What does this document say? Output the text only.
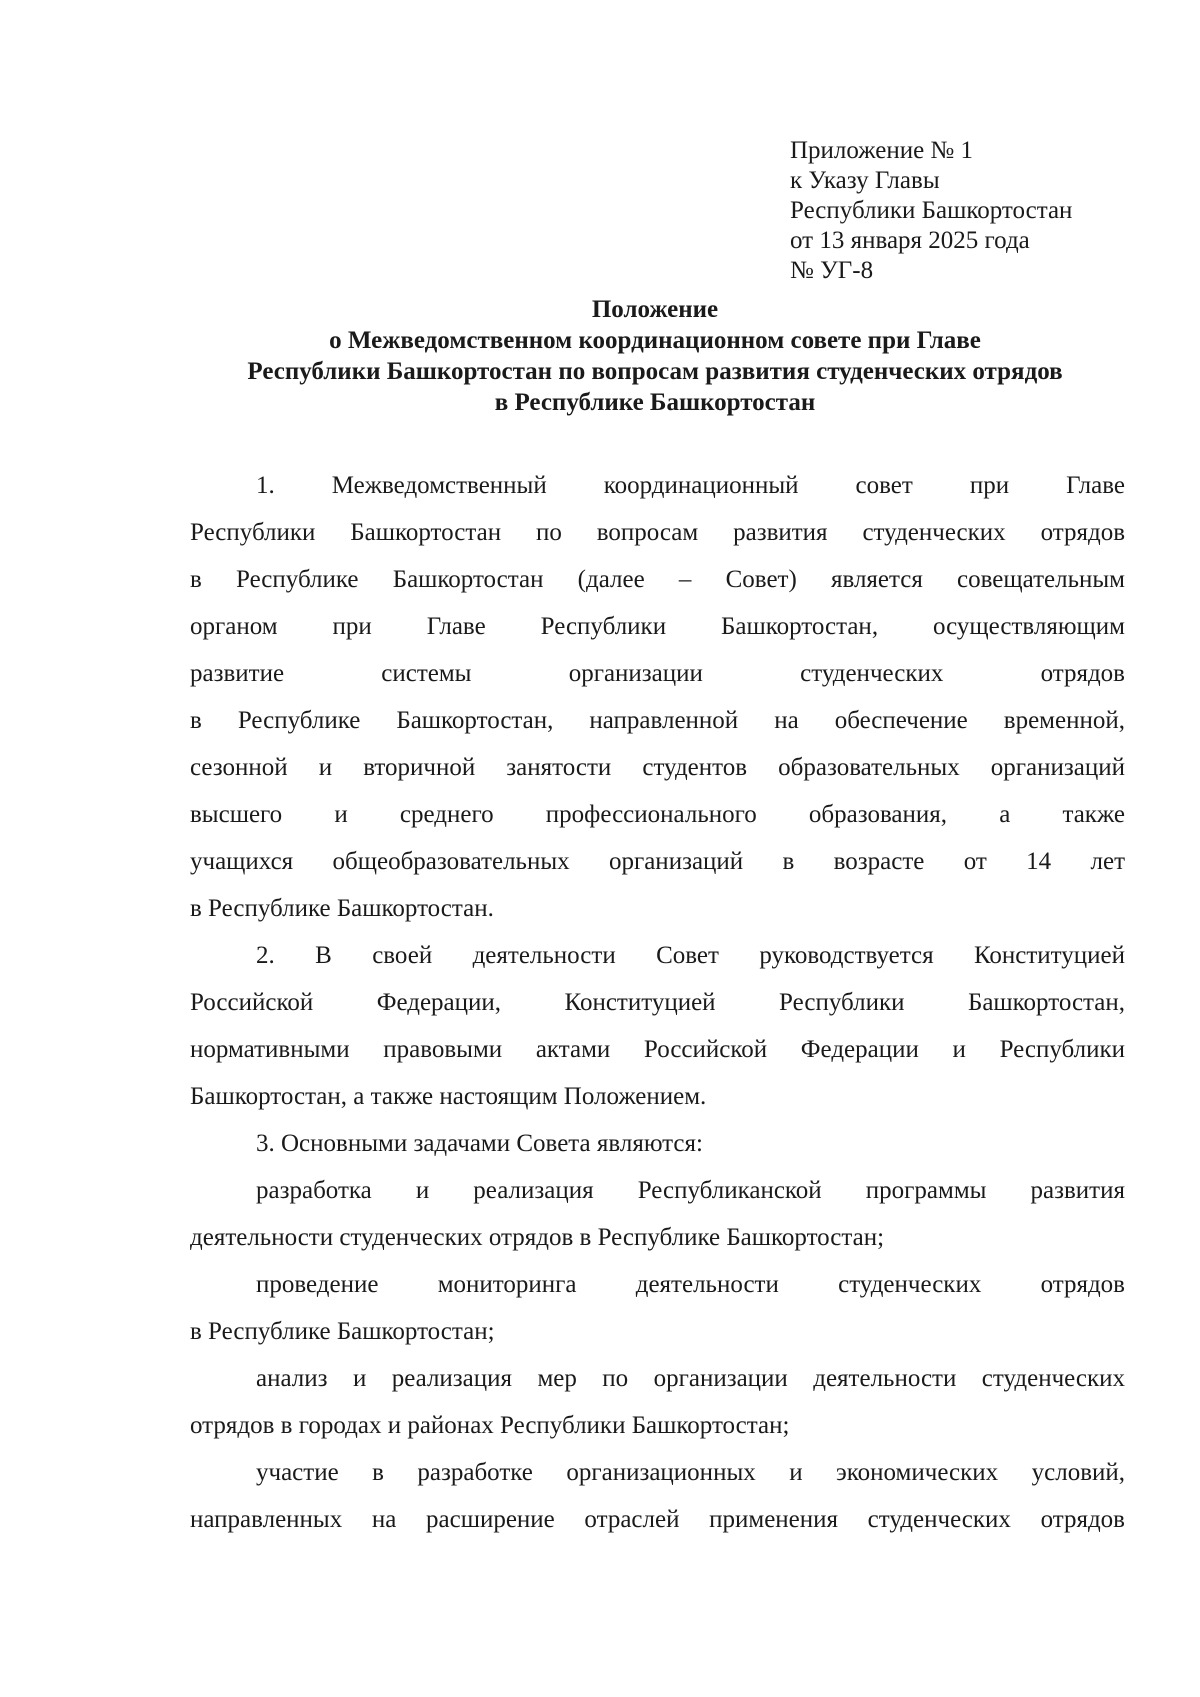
Приложение № 1
к Указу Главы
Республики Башкортостан
от 13 января 2025 года
№ УГ-8
Положение
о Межведомственном координационном совете при Главе
Республики Башкортостан по вопросам развития студенческих отрядов
в Республике Башкортостан

1. Межведомственный координационный совет при Главе
Республики Башкортостан по вопросам развития студенческих отрядов
в Республике Башкортостан (далее – Совет) является совещательным
органом при Главе Республики Башкортостан, осуществляющим
развитие системы организации студенческих отрядов
в Республике Башкортостан, направленной на обеспечение временной,
сезонной и вторичной занятости студентов образовательных организаций
высшего и среднего профессионального образования, а также
учащихся общеобразовательных организаций в возрасте от 14 лет
в Республике Башкортостан.

2. В своей деятельности Совет руководствуется Конституцией
Российской Федерации, Конституцией Республики Башкортостан,
нормативными правовыми актами Российской Федерации и Республики
Башкортостан, а также настоящим Положением.

3. Основными задачами Совета являются:

разработка и реализация Республиканской программы развития
деятельности студенческих отрядов в Республике Башкортостан;

проведение мониторинга деятельности студенческих отрядов
в Республике Башкортостан;

анализ и реализация мер по организации деятельности студенческих
отрядов в городах и районах Республики Башкортостан;

участие в разработке организационных и экономических условий,
направленных на расширение отраслей применения студенческих отрядов
